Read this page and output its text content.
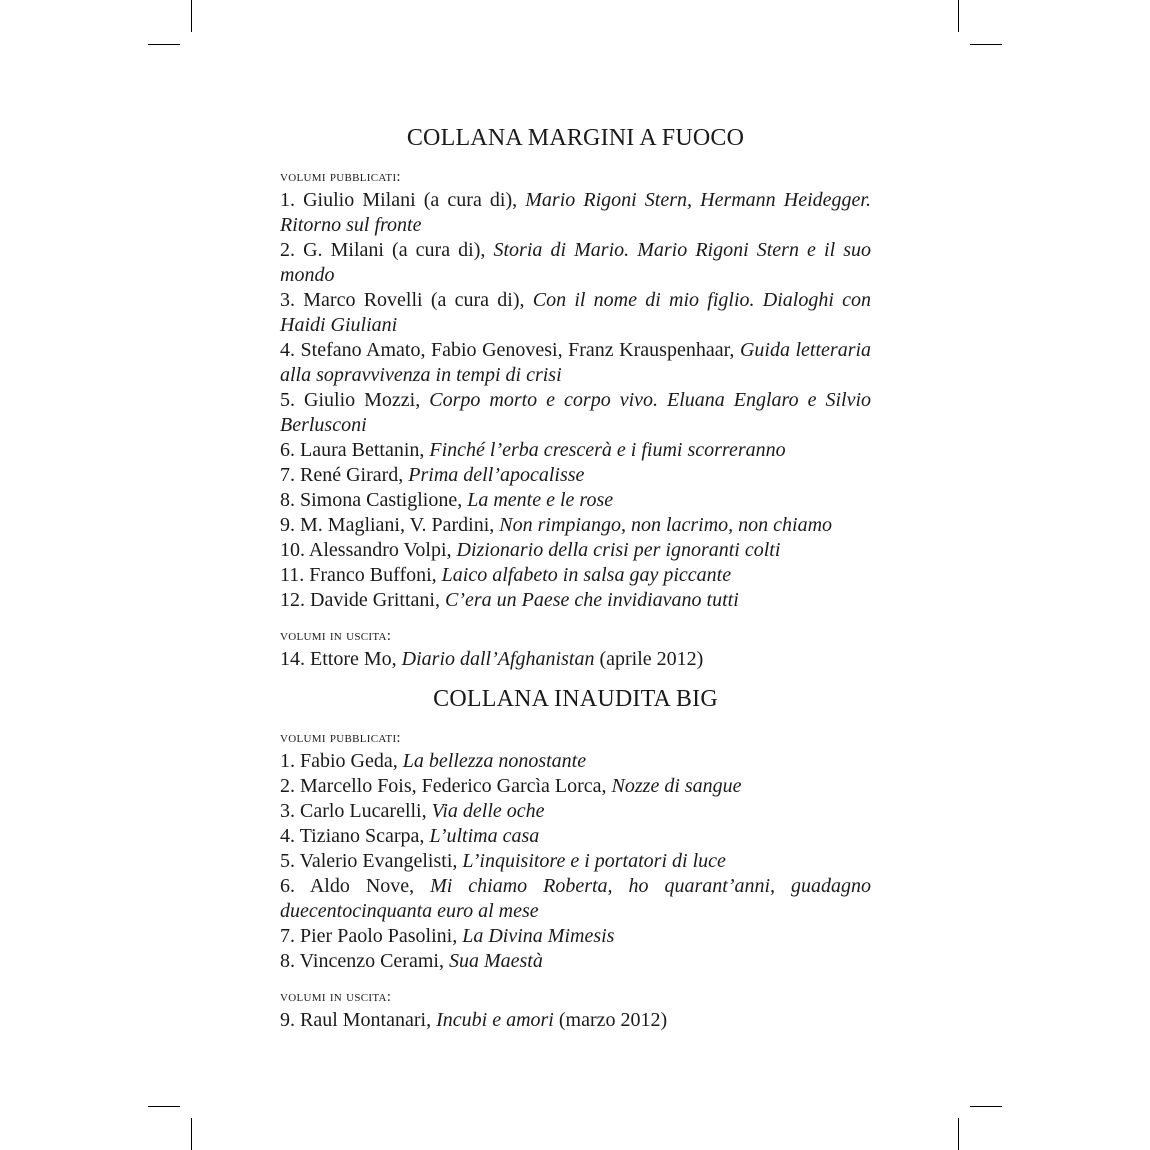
COLLANA MARGINI A FUOCO

volumi pubblicati:

1. Giulio Milani (a cura di), Mario Rigoni Stern, Hermann Heidegger. Ritorno sul fronte
2. G. Milani (a cura di), Storia di Mario. Mario Rigoni Stern e il suo mondo
3. Marco Rovelli (a cura di), Con il nome di mio figlio. Dialoghi con Haidi Giuliani
4. Stefano Amato, Fabio Genovesi, Franz Krauspenhaar, Guida letteraria alla sopravvivenza in tempi di crisi
5. Giulio Mozzi, Corpo morto e corpo vivo. Eluana Englaro e Silvio Berlusconi
6. Laura Bettanin, Finché l’erba crescerà e i fiumi scorreranno
7. René Girard, Prima dell’apocalisse
8. Simona Castiglione, La mente e le rose
9. M. Magliani, V. Pardini, Non rimpiango, non lacrimo, non chiamo
10. Alessandro Volpi, Dizionario della crisi per ignoranti colti
11. Franco Buffoni, Laico alfabeto in salsa gay piccante
12. Davide Grittani, C’era un Paese che invidiavano tutti

volumi in uscita:

14. Ettore Mo, Diario dall’Afghanistan (aprile 2012)
COLLANA INAUDITA BIG

volumi pubblicati:

1. Fabio Geda, La bellezza nonostante
2. Marcello Fois, Federico Garcìa Lorca, Nozze di sangue
3. Carlo Lucarelli, Via delle oche
4. Tiziano Scarpa, L’ultima casa
5. Valerio Evangelisti, L’inquisitore e i portatori di luce
6. Aldo Nove, Mi chiamo Roberta, ho quarant’anni, guadagno duecentocinquanta euro al mese
7. Pier Paolo Pasolini, La Divina Mimesis
8. Vincenzo Cerami, Sua Maestà

volumi in uscita:

9. Raul Montanari, Incubi e amori (marzo 2012)
